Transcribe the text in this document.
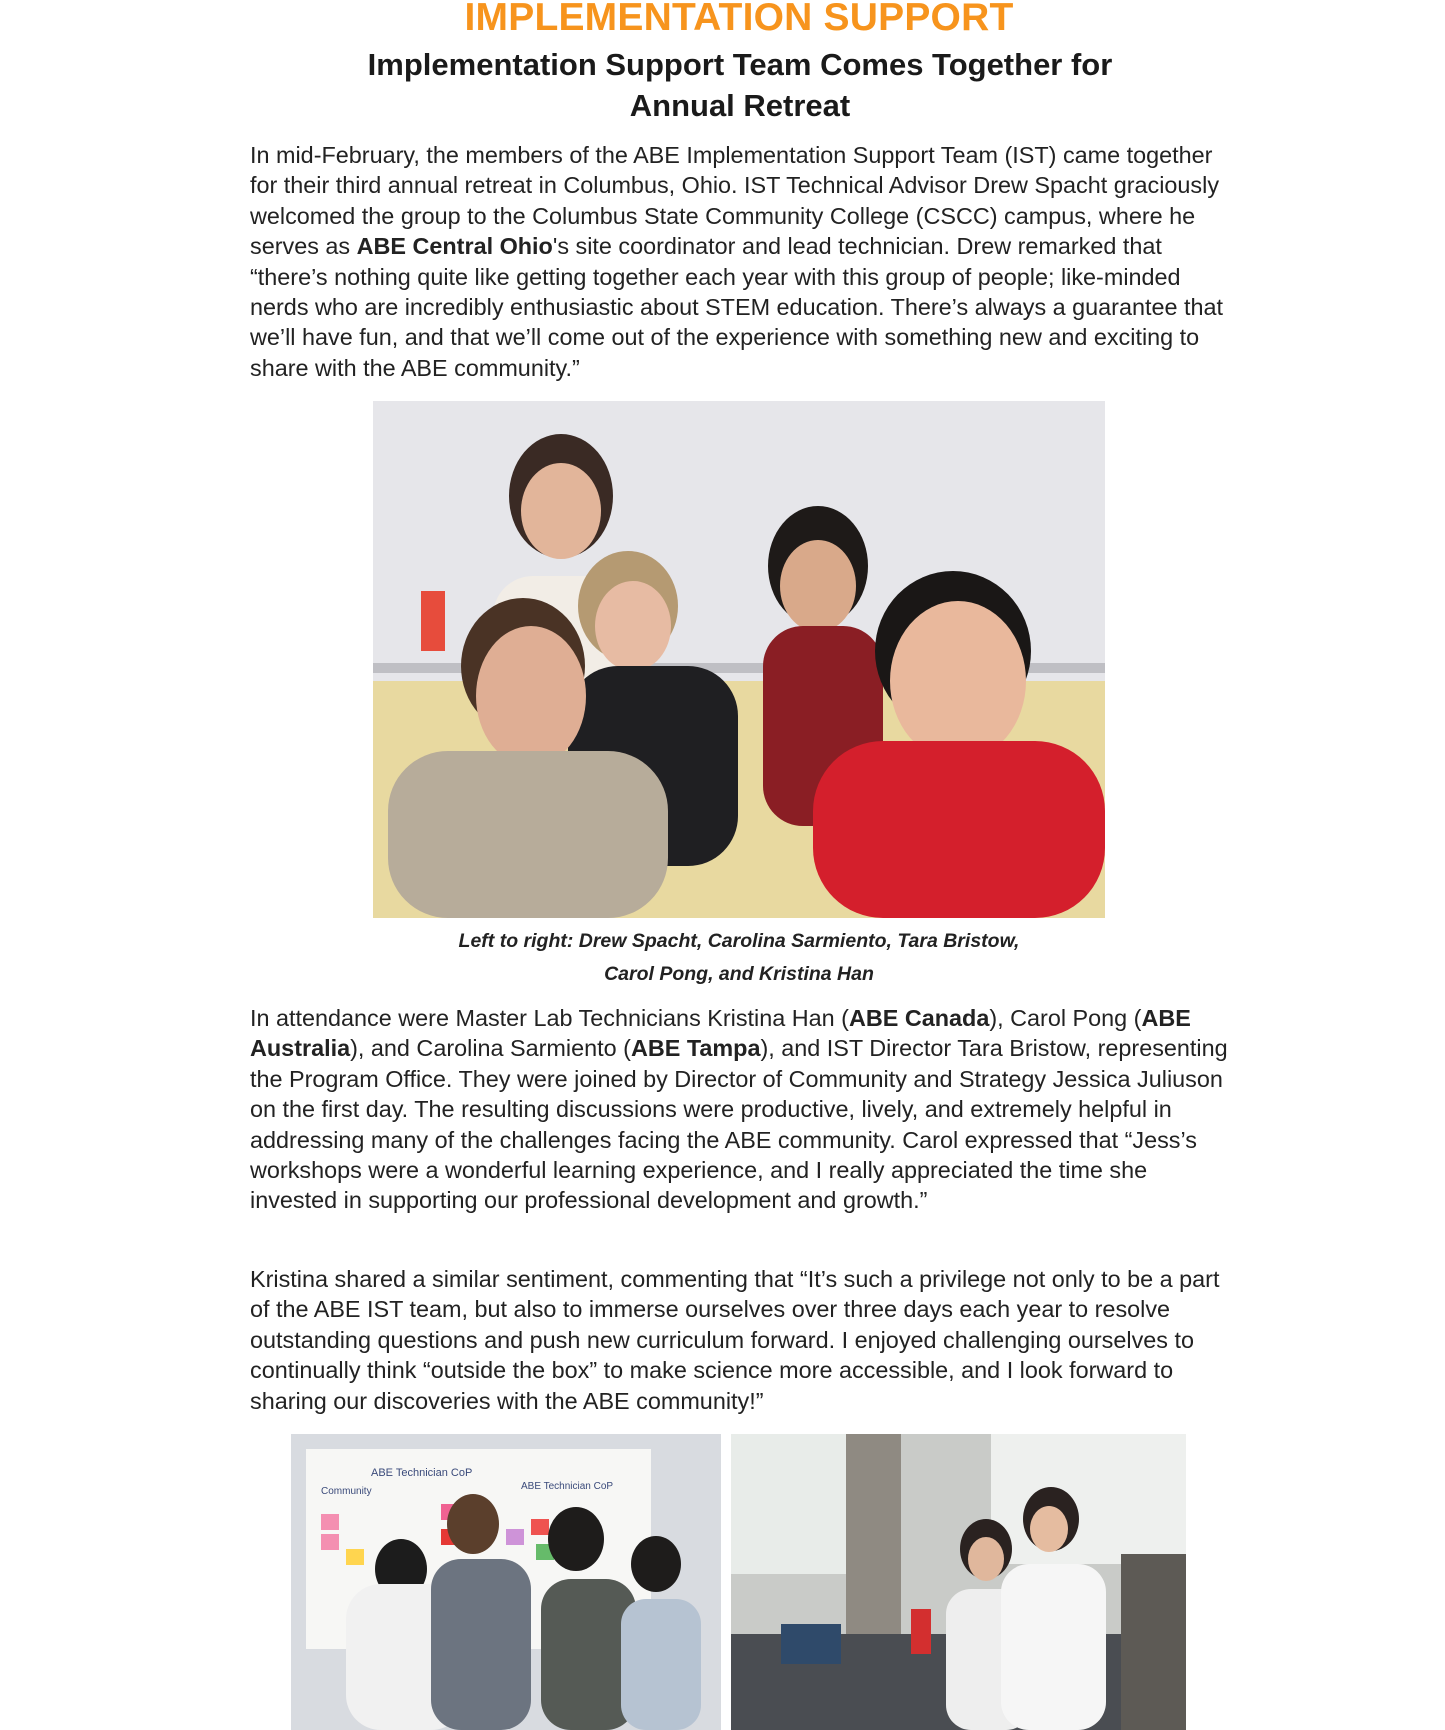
IMPLEMENTATION SUPPORT
Implementation Support Team Comes Together for
Annual Retreat

In mid-February, the members of the ABE Implementation Support Team (IST) came together for their third annual retreat in Columbus, Ohio. IST Technical Advisor Drew Spacht graciously welcomed the group to the Columbus State Community College (CSCC) campus, where he serves as ABE Central Ohio's site coordinator and lead technician. Drew remarked that “there’s nothing quite like getting together each year with this group of people; like-minded nerds who are incredibly enthusiastic about STEM education. There’s always a guarantee that we’ll have fun, and that we’ll come out of the experience with something new and exciting to share with the ABE community.”

Left to right: Drew Spacht, Carolina Sarmiento, Tara Bristow,
Carol Pong, and Kristina Han

In attendance were Master Lab Technicians Kristina Han (ABE Canada), Carol Pong (ABE Australia), and Carolina Sarmiento (ABE Tampa), and IST Director Tara Bristow, representing the Program Office. They were joined by Director of Community and Strategy Jessica Juliuson on the first day. The resulting discussions were productive, lively, and extremely helpful in addressing many of the challenges facing the ABE community. Carol expressed that “Jess’s workshops were a wonderful learning experience, and I really appreciated the time she invested in supporting our professional development and growth.”

Kristina shared a similar sentiment, commenting that “It’s such a privilege not only to be a part of the ABE IST team, but also to immerse ourselves over three days each year to resolve outstanding questions and push new curriculum forward. I enjoyed challenging ourselves to continually think “outside the box” to make science more accessible, and I look forward to sharing our discoveries with the ABE community!”

ABE Technician CoP
Community	ABE Technician CoP
